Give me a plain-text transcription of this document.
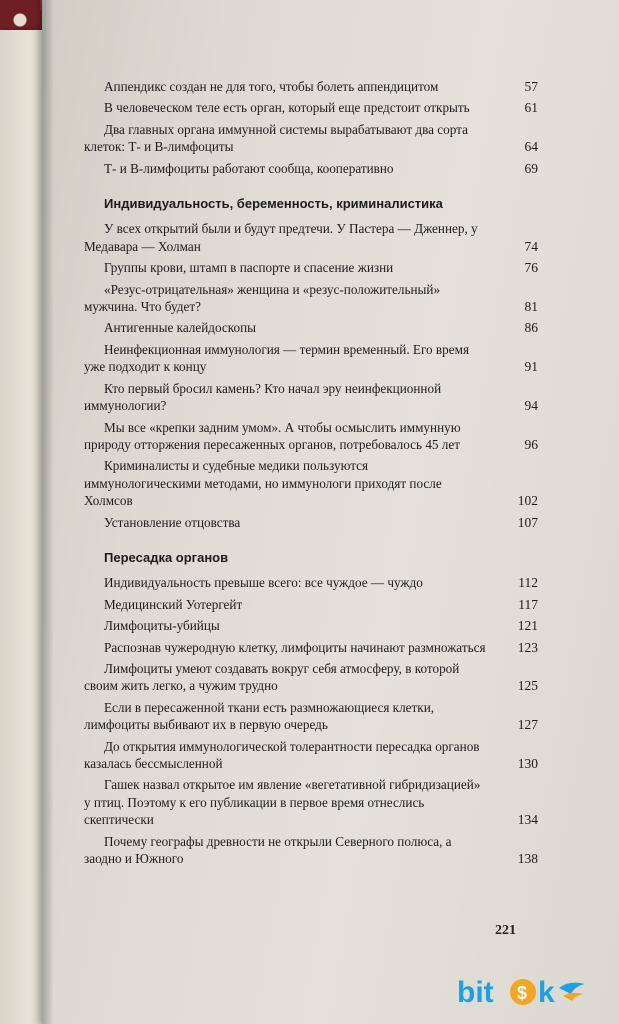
Аппендикс создан не для того, чтобы болеть аппендицитом	57
В человеческом теле есть орган, который еще предстоит открыть	61
Два главных органа иммунной системы вырабатывают два сорта клеток: Т- и В-лимфоциты	64
Т- и В-лимфоциты работают сообща, кооперативно	69
Индивидуальность, беременность, криминалистика
У всех открытий были и будут предтечи. У Пастера — Дженнер, у Медавара — Холман	74
Группы крови, штамп в паспорте и спасение жизни	76
«Резус-отрицательная» женщина и «резус-положительный» мужчина. Что будет?	81
Антигенные калейдоскопы	86
Неинфекционная иммунология — термин временный. Его время уже подходит к концу	91
Кто первый бросил камень? Кто начал эру неинфекционной иммунологии?	94
Мы все «крепки задним умом». А чтобы осмыслить иммунную природу отторжения пересаженных органов, потребовалось 45 лет	96
Криминалисты и судебные медики пользуются иммунологическими методами, но иммунологи приходят после Холмсов	102
Установление отцовства	107
Пересадка органов
Индивидуальность превыше всего: все чуждое — чуждо	112
Медицинский Уотергейт	117
Лимфоциты-убийцы	121
Распознав чужеродную клетку, лимфоциты начинают размножаться	123
Лимфоциты умеют создавать вокруг себя атмосферу, в которой своим жить легко, а чужим трудно	125
Если в пересаженной ткани есть размножающиеся клетки, лимфоциты выбивают их в первую очередь	127
До открытия иммунологической толерантности пересадка органов казалась бессмысленной	130
Гашек назвал открытое им явление «вегетативной гибридизацией» у птиц. Поэтому к его публикации в первое время отнеслись скептически	134
Почему географы древности не открыли Северного полюса, а заодно и Южного	138
221
bit $ k
